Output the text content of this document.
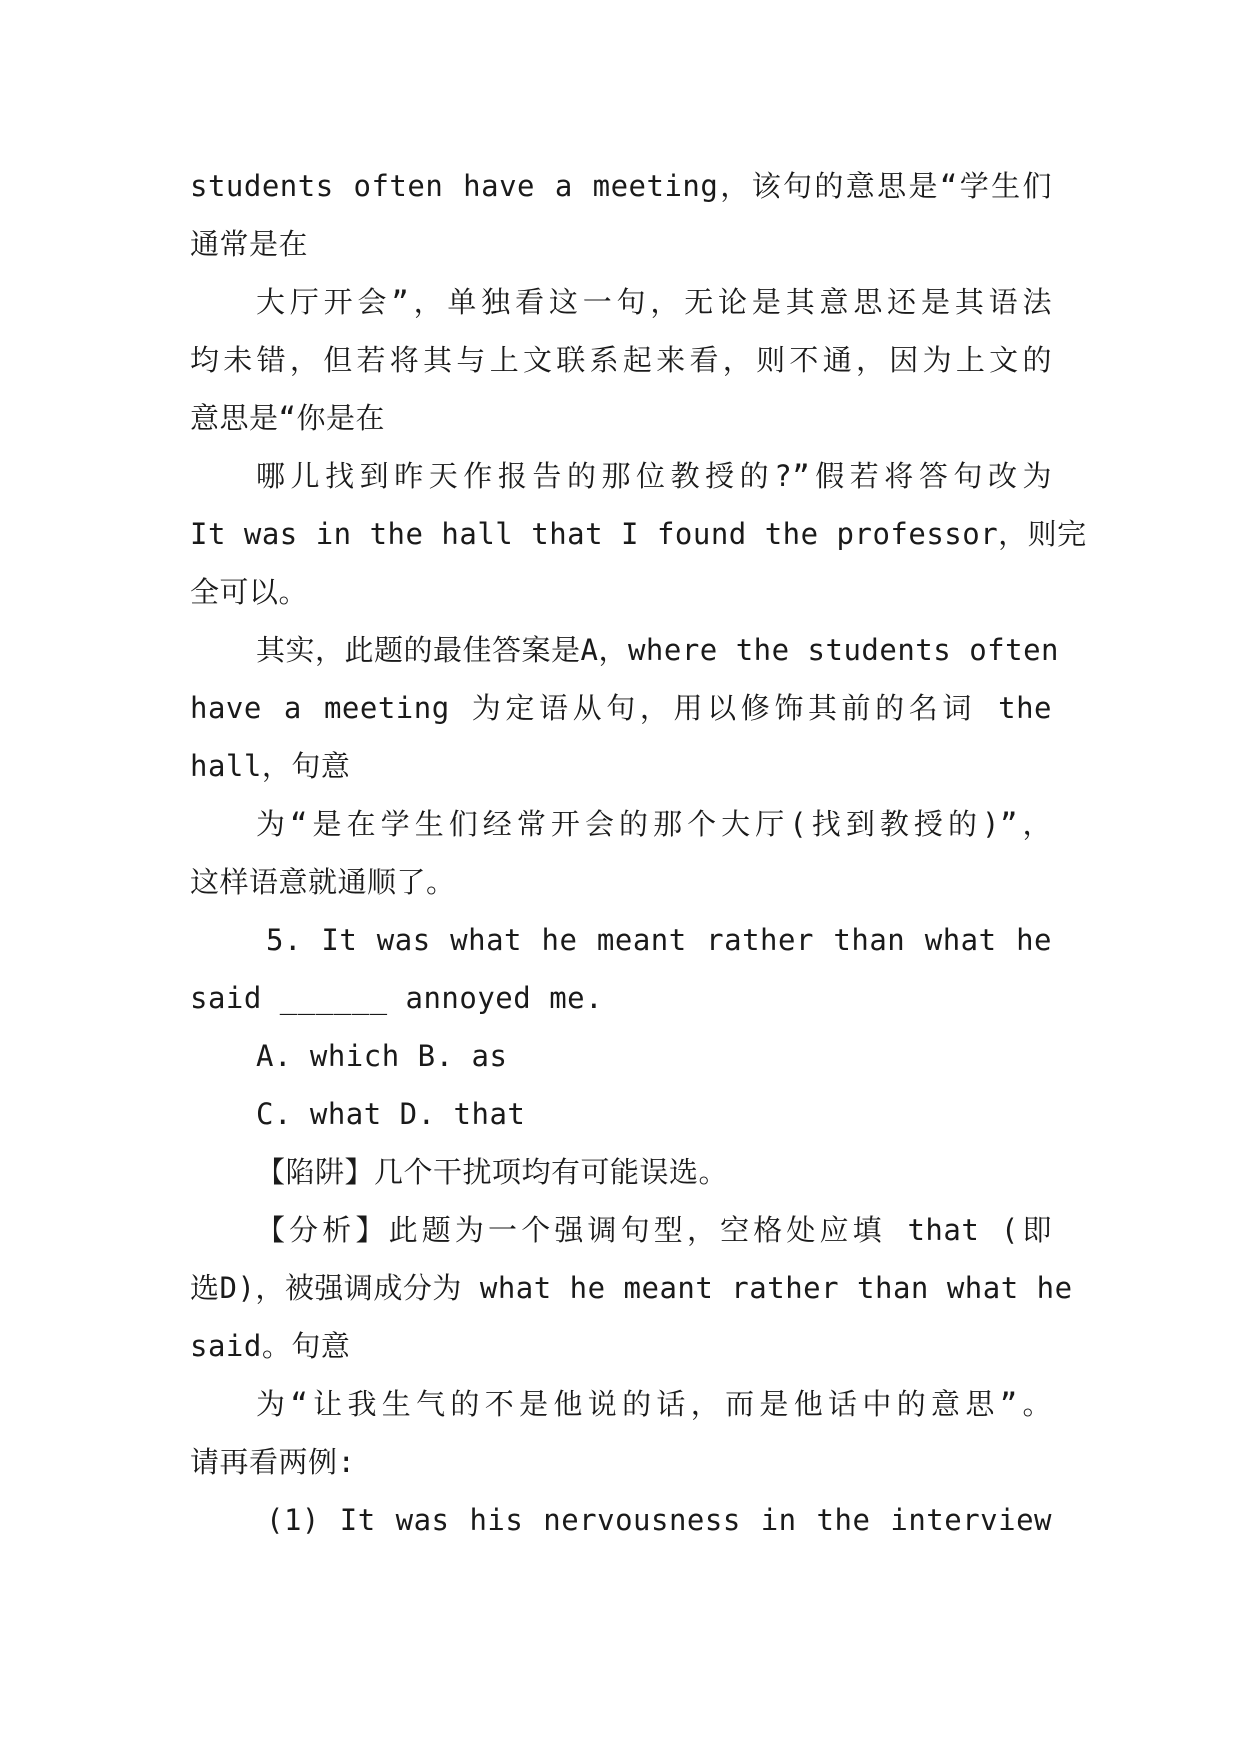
students often have a meeting，该句的意思是“学生们
通常是在
大厅开会”，单独看这一句，无论是其意思还是其语法
均未错，但若将其与上文联系起来看，则不通，因为上文的
意思是“你是在
哪儿找到昨天作报告的那位教授的?”假若将答句改为
It was in the hall that I found the professor，则完
全可以。
其实，此题的最佳答案是A，where the students often
have a meeting 为定语从句，用以修饰其前的名词 the
hall，句意
为“是在学生们经常开会的那个大厅(找到教授的)”，
这样语意就通顺了。
5. It was what he meant rather than what he
said ______ annoyed me.
A. which B. as
C. what D. that
【陷阱】几个干扰项均有可能误选。
【分析】此题为一个强调句型，空格处应填 that (即
选D)，被强调成分为 what he meant rather than what he
said。句意
为“让我生气的不是他说的话，而是他话中的意思”。
请再看两例:
(1) It was his nervousness in the interview
